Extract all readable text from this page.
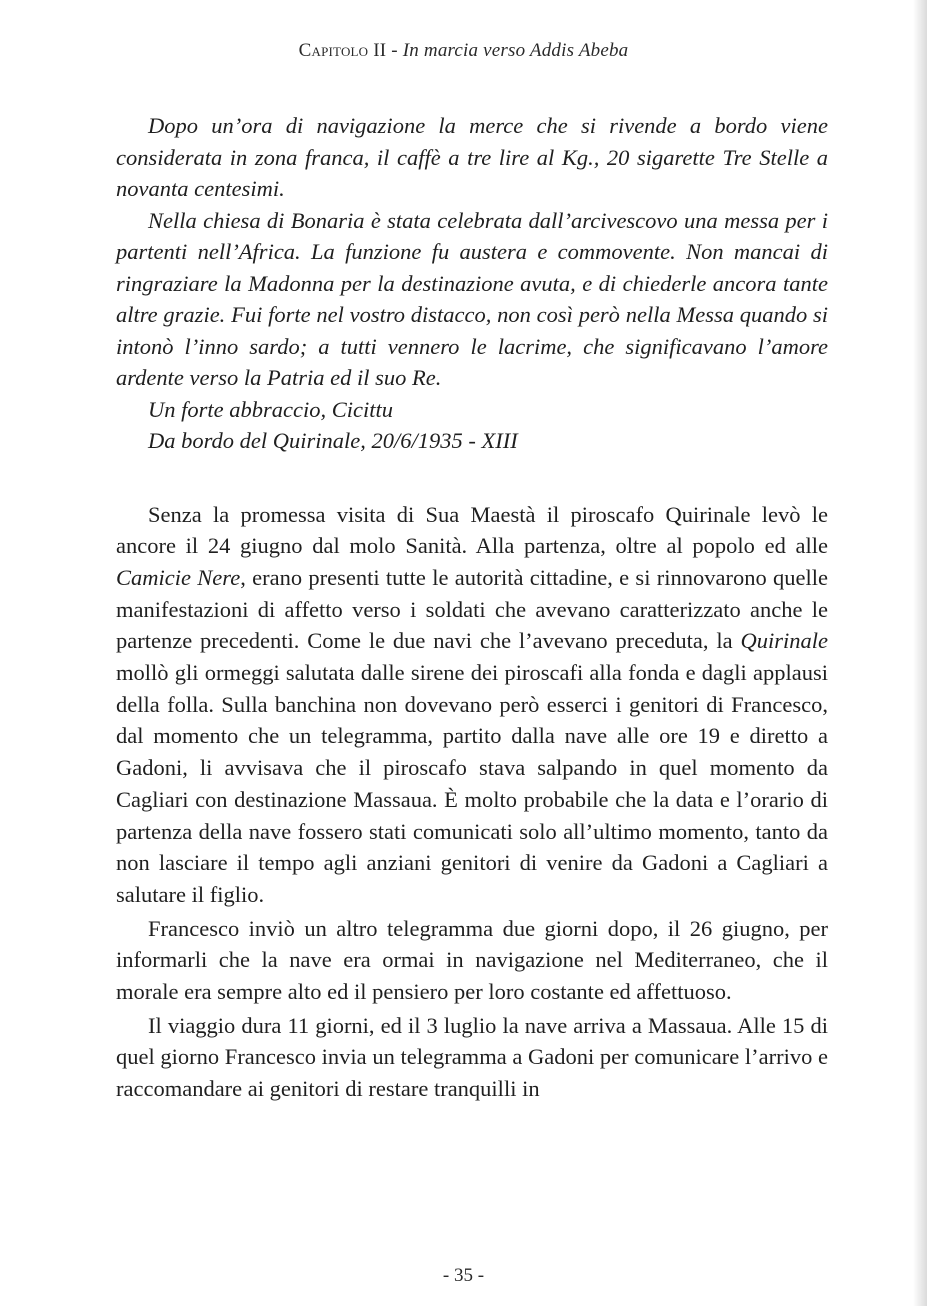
Capitolo II - In marcia verso Addis Abeba

Dopo un’ora di navigazione la merce che si rivende a bordo viene considerata in zona franca, il caffè a tre lire al Kg., 20 sigarette Tre Stelle a novanta centesimi.

Nella chiesa di Bonaria è stata celebrata dall’arcivescovo una messa per i partenti nell’Africa. La funzione fu austera e commovente. Non mancai di ringraziare la Madonna per la destinazione avuta, e di chiederle ancora tante altre grazie. Fui forte nel vostro distacco, non così però nella Messa quando si intonò l’inno sardo; a tutti vennero le lacrime, che significavano l’amore ardente verso la Patria ed il suo Re.

Un forte abbraccio, Cicittu

Da bordo del Quirinale, 20/6/1935 - XIII

Senza la promessa visita di Sua Maestà il piroscafo Quirinale levò le ancore il 24 giugno dal molo Sanità. Alla partenza, oltre al popolo ed alle Camicie Nere, erano presenti tutte le autorità cittadine, e si rinnovarono quelle manifestazioni di affetto verso i soldati che avevano caratterizzato anche le partenze precedenti. Come le due navi che l’avevano preceduta, la Quirinale mollò gli ormeggi salutata dalle sirene dei piroscafi alla fonda e dagli applausi della folla. Sulla banchina non dovevano però esserci i genitori di Francesco, dal momento che un telegramma, partito dalla nave alle ore 19 e diretto a Gadoni, li avvisava che il piroscafo stava salpando in quel momento da Cagliari con destinazione Massaua. È molto probabile che la data e l’orario di partenza della nave fossero stati comunicati solo all’ultimo momento, tanto da non lasciare il tempo agli anziani genitori di venire da Gadoni a Cagliari a salutare il figlio.

Francesco inviò un altro telegramma due giorni dopo, il 26 giugno, per informarli che la nave era ormai in navigazione nel Mediterraneo, che il morale era sempre alto ed il pensiero per loro costante ed affettuoso.

Il viaggio dura 11 giorni, ed il 3 luglio la nave arriva a Massaua. Alle 15 di quel giorno Francesco invia un telegramma a Gadoni per comunicare l’arrivo e raccomandare ai genitori di restare tranquilli in

- 35 -
